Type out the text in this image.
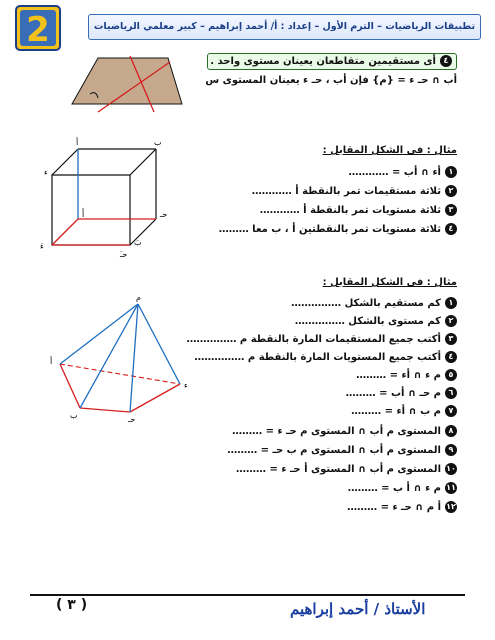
2	تطبيقات الرياضيات – الترم الأول – إعداد : أ/ أحمد إبراهيم – كبير معلمي الرياضيات
٤أى مستقيمين متقاطعان يعينان مستوى واحد .
أب ∩ حـ ء = {م} فإن أب ، حـ ء يعينان المستوى س
مثال : فى الشكل المقابل :
١أء ∩ أب = …………
٢ثلاثة مستقيمات تمر بالنقطة أ …………
٣ثلاثة مستويات تمر بالنقطة أ …………
٤ثلاثة مستويات تمر بالنقطتين أ ، ب معا ………
أ	ب
حـ
ء
أَ
بَ
حـَ
ءَ
مثال : فى الشكل المقابل :
١كم مستقيم بالشكل ……………
٢كم مستوى بالشكل ……………
٣أكتب جميع المستقيمات المارة بالنقطة م ……………
٤أكتب جميع المستويات المارة بالنقطة م ……………
٥م ء ∩ أء = ………
٦م حـ ∩ أب = ………
٧م ب ∩ أء = ………
٨المستوى م أب ∩ المستوى م حـ ء = ………
٩المستوى م أب ∩ المستوى م ب حـ = ………
١٠المستوى م أب ∩ المستوى أ حـ ء = ………
١١م ء ∩ أ ب = ………
١٢أ م ∩ حـ ء = ………
م
أ
ب	حـ
ء
( ٣ )	الأستاذ / أحمد إبراهيم
